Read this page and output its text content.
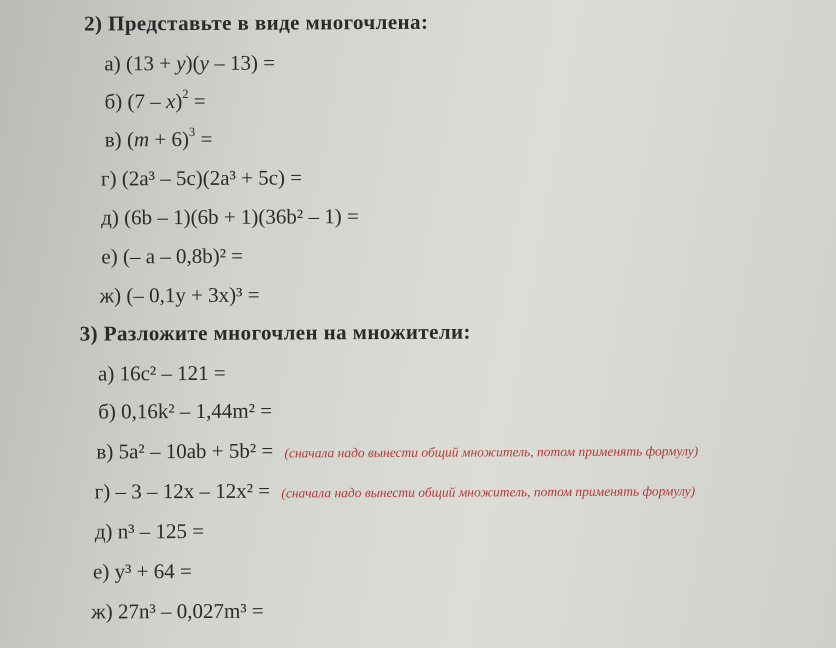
2) Представьте в виде многочлена:
а) (13 + y)(y – 13) =
б) (7 – x)$^2$ =
в) $(m + 6)^3$ =
г) (2a³ – 5c)(2a³ + 5c) =
д) (6b – 1)(6b + 1)(36b² – 1) =
е) (– a – 0,8b)² =
ж) (– 0,1y + 3x)³ =
3) Разложите многочлен на множители:
а) 16c² – 121 =
б) 0,16k² – 1,44m² =
в) 5a² – 10ab + 5b² = (сначала надо вынести общий множитель, потом применять формулу)
г) – 3 – 12x – 12x² = (сначала надо вынести общий множитель, потом применять формулу)
д) n³ – 125 =
е) y³ + 64 =
ж) 27n³ – 0,027m³ =
